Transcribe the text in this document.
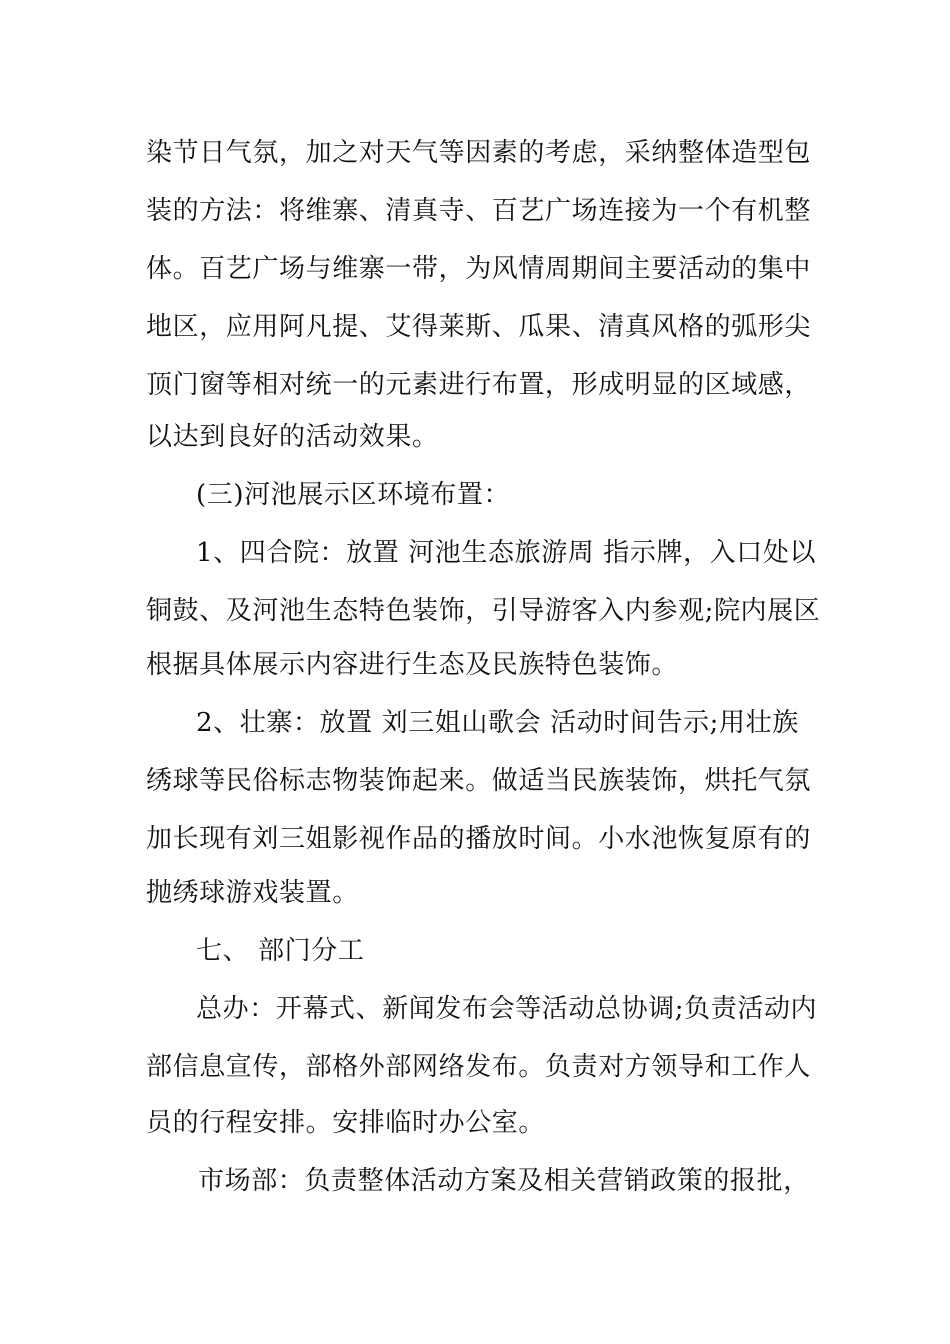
染节日气氛，加之对天气等因素的考虑，采纳整体造型包
装的方法：将维寨、清真寺、百艺广场连接为一个有机整
体。百艺广场与维寨一带，为风情周期间主要活动的集中
地区，应用阿凡提、艾得莱斯、瓜果、清真风格的弧形尖
顶门窗等相对统一的元素进行布置，形成明显的区域感，
以达到良好的活动效果。
(三)河池展示区环境布置：
1、四合院：放置 河池生态旅游周 指示牌，入口处以
铜鼓、及河池生态特色装饰，引导游客入内参观;院内展区
根据具体展示内容进行生态及民族特色装饰。
2、壮寨：放置 刘三姐山歌会 活动时间告示;用壮族
绣球等民俗标志物装饰起来。做适当民族装饰，烘托气氛
加长现有刘三姐影视作品的播放时间。小水池恢复原有的
抛绣球游戏装置。
七、 部门分工
总办：开幕式、新闻发布会等活动总协调;负责活动内
部信息宣传，部格外部网络发布。负责对方领导和工作人
员的行程安排。安排临时办公室。
市场部：负责整体活动方案及相关营销政策的报批，
